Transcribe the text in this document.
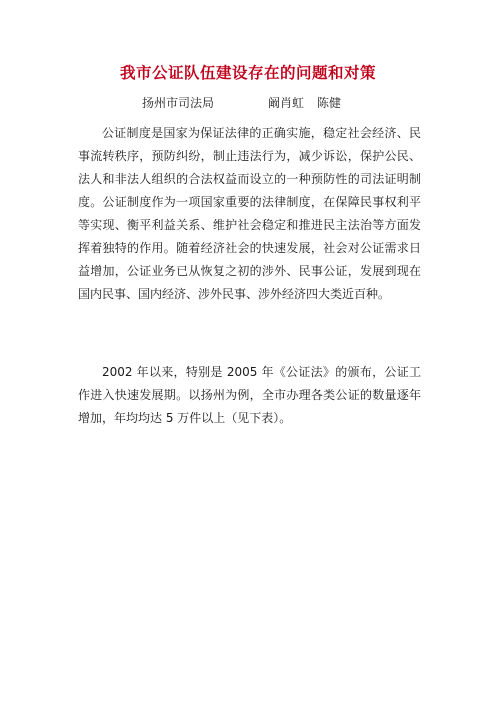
我市公证队伍建设存在的问题和对策
扬州市司法局	阚肖虹 陈健

公证制度是国家为保证法律的正确实施，稳定社会经济、民事流转秩序，预防纠纷，制止违法行为，减少诉讼，保护公民、法人和非法人组织的合法权益而设立的一种预防性的司法证明制度。公证制度作为一项国家重要的法律制度，在保障民事权利平等实现、衡平利益关系、维护社会稳定和推进民主法治等方面发挥着独特的作用。随着经济社会的快速发展，社会对公证需求日益增加，公证业务已从恢复之初的涉外、民事公证，发展到现在国内民事、国内经济、涉外民事、涉外经济四大类近百种。

2002 年以来，特别是 2005 年《公证法》的颁布，公证工作进入快速发展期。以扬州为例，全市办理各类公证的数量逐年增加，年均均达 5 万件以上（见下表）。
